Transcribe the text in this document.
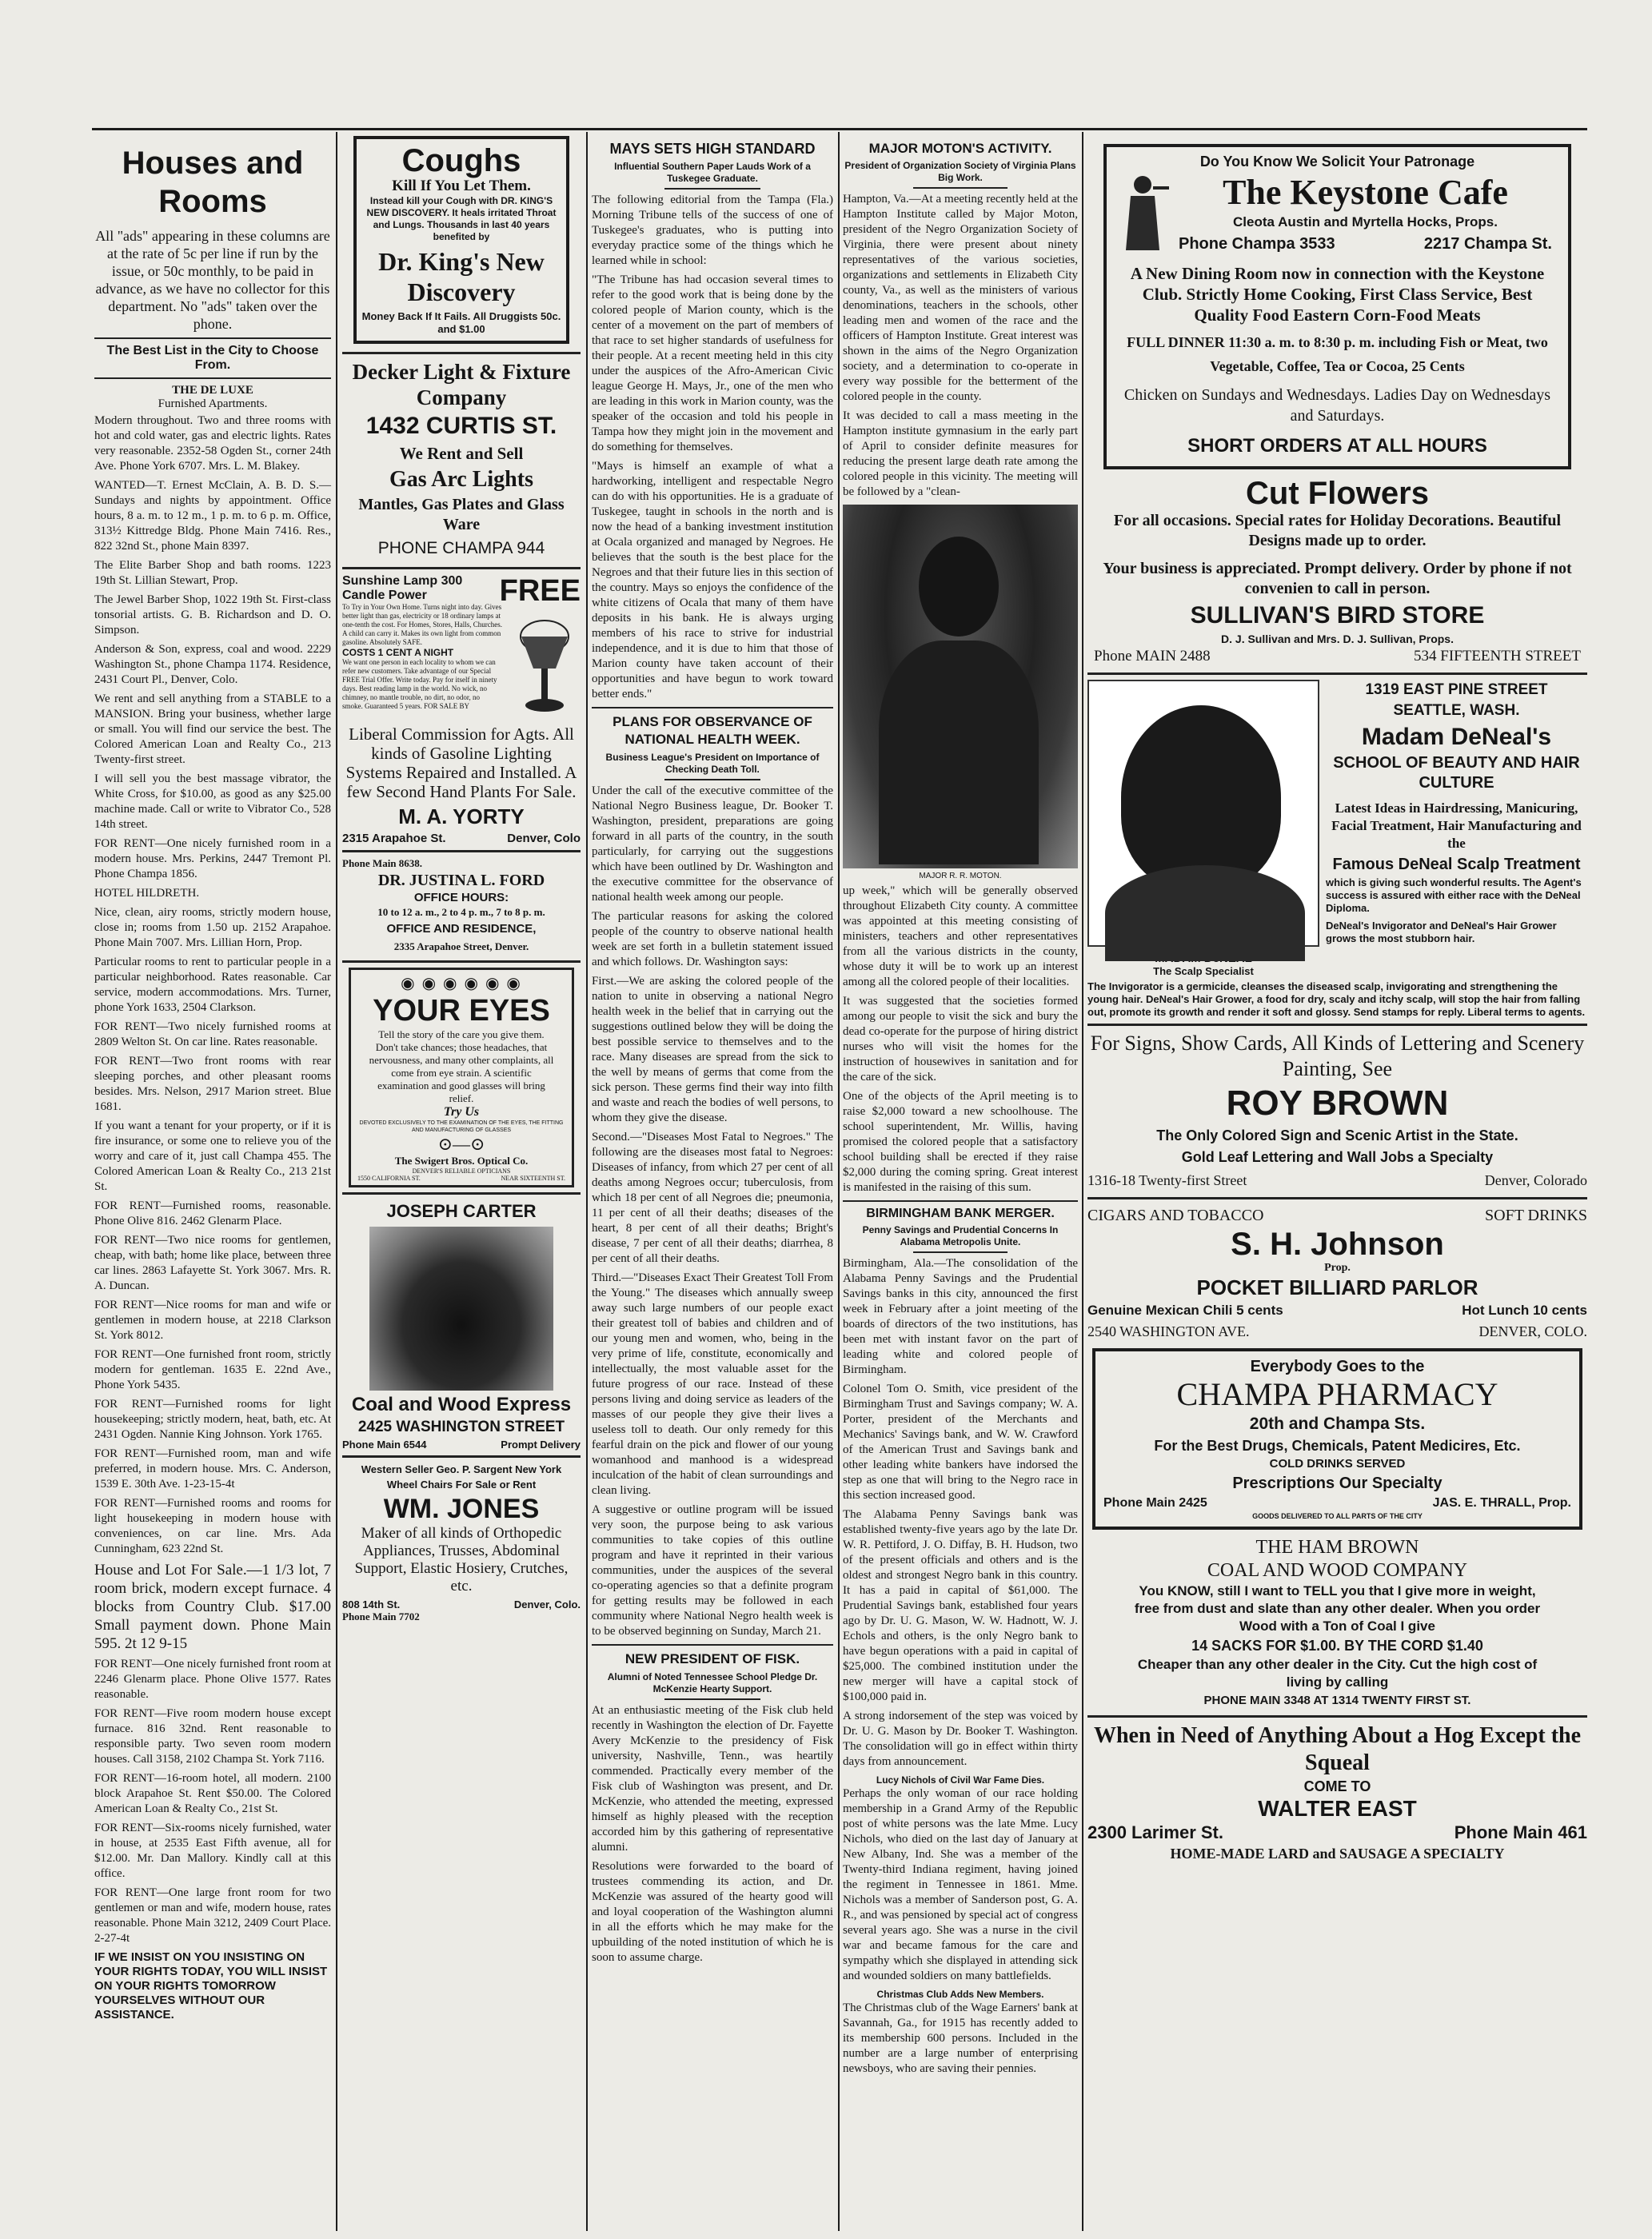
Houses and Rooms

All "ads" appearing in these columns are at the rate of 5c per line if run by the issue, or 50c monthly, to be paid in advance, as we have no collector for this department. No "ads" taken over the phone.

The Best List in the City to Choose From.
THE DE LUXE
Furnished Apartments.

Modern throughout. Two and three rooms with hot and cold water, gas and electric lights. Rates very reasonable. 2352-58 Ogden St., corner 24th Ave. Phone York 6707. Mrs. L. M. Blakey.

WANTED—T. Ernest McClain, A. B. D. S.—Sundays and nights by appointment. Office hours, 8 a. m. to 12 m., 1 p. m. to 6 p. m. Office, 313½ Kittredge Bldg. Phone Main 7416. Res., 822 32nd St., phone Main 8397.

The Elite Barber Shop and bath rooms. 1223 19th St. Lillian Stewart, Prop.

The Jewel Barber Shop, 1022 19th St. First-class tonsorial artists. G. B. Richardson and D. O. Simpson.

Anderson & Son, express, coal and wood. 2229 Washington St., phone Champa 1174. Residence, 2431 Court Pl., Denver, Colo.

We rent and sell anything from a STABLE to a MANSION. Bring your business, whether large or small. You will find our service the best. The Colored American Loan and Realty Co., 213 Twenty-first street.

I will sell you the best massage vibrator, the White Cross, for $10.00, as good as any $25.00 machine made. Call or write to Vibrator Co., 528 14th street.

FOR RENT—One nicely furnished room in a modern house. Mrs. Perkins, 2447 Tremont Pl. Phone Champa 1856.

HOTEL HILDRETH.

Nice, clean, airy rooms, strictly modern house, close in; rooms from 1.50 up. 2152 Arapahoe. Phone Main 7007. Mrs. Lillian Horn, Prop.

Particular rooms to rent to particular people in a particular neighborhood. Rates reasonable. Car service, modern accommodations. Mrs. Turner, phone York 1633, 2504 Clarkson.

FOR RENT—Two nicely furnished rooms at 2809 Welton St. On car line. Rates reasonable.

FOR RENT—Two front rooms with rear sleeping porches, and other pleasant rooms besides. Mrs. Nelson, 2917 Marion street. Blue 1681.

If you want a tenant for your property, or if it is fire insurance, or some one to relieve you of the worry and care of it, just call Champa 455. The Colored American Loan & Realty Co., 213 21st St.

FOR RENT—Furnished rooms, reasonable. Phone Olive 816. 2462 Glenarm Place.

FOR RENT—Two nice rooms for gentlemen, cheap, with bath; home like place, between three car lines. 2863 Lafayette St. York 3067. Mrs. R. A. Duncan.

FOR RENT—Nice rooms for man and wife or gentlemen in modern house, at 2218 Clarkson St. York 8012.

FOR RENT—One furnished front room, strictly modern for gentleman. 1635 E. 22nd Ave., Phone York 5435.

FOR RENT—Furnished rooms for light housekeeping; strictly modern, heat, bath, etc. At 2431 Ogden. Nannie King Johnson. York 1765.

FOR RENT—Furnished room, man and wife preferred, in modern house. Mrs. C. Anderson, 1539 E. 30th Ave. 1-23-15-4t

FOR RENT—Furnished rooms and rooms for light housekeeping in modern house with conveniences, on car line. Mrs. Ada Cunningham, 623 22nd St.

House and Lot For Sale.—1 1/3 lot, 7 room brick, modern except furnace. 4 blocks from Country Club. $17.00 Small payment down. Phone Main 595. 2t 12 9-15

FOR RENT—One nicely furnished front room at 2246 Glenarm place. Phone Olive 1577. Rates reasonable.

FOR RENT—Five room modern house except furnace. 816 32nd. Rent reasonable to responsible party. Two seven room modern houses. Call 3158, 2102 Champa St. York 7116.

FOR RENT—16-room hotel, all modern. 2100 block Arapahoe St. Rent $50.00. The Colored American Loan & Realty Co., 21st St.

FOR RENT—Six-rooms nicely furnished, water in house, at 2535 East Fifth avenue, all for $12.00. Mr. Dan Mallory. Kindly call at this office.

FOR RENT—One large front room for two gentlemen or man and wife, modern house, rates reasonable. Phone Main 3212, 2409 Court Place. 2-27-4t

IF WE INSIST ON YOU INSISTING ON YOUR RIGHTS TODAY, YOU WILL INSIST ON YOUR RIGHTS TOMORROW YOURSELVES WITHOUT OUR ASSISTANCE.
Coughs
Kill If You Let Them.
Instead kill your Cough with DR. KING'S NEW DISCOVERY. It heals irritated Throat and Lungs. Thousands in last 40 years benefited by
Dr. King's New Discovery
Money Back If It Fails. All Druggists 50c. and $1.00
Decker Light & Fixture Company
1432 CURTIS ST.
We Rent and Sell
Gas Arc Lights
Mantles, Gas Plates and Glass Ware
PHONE CHAMPA 944
Sunshine Lamp 300 Candle Power	FREE
To Try in Your Own Home. Turns night into day. Gives better light than gas, electricity or 18 ordinary lamps at one-tenth the cost. For Homes, Stores, Halls, Churches. A child can carry it. Makes its own light from common gasoline. Absolutely SAFE.
COSTS 1 CENT A NIGHT
We want one person in each locality to whom we can refer new customers. Take advantage of our Special FREE Trial Offer. Write today. Pay for itself in ninety days. Best reading lamp in the world. No wick, no chimney, no mantle trouble, no dirt, no odor, no smoke. Guaranteed 5 years. FOR SALE BY
Liberal Commission for Agts. All kinds of Gasoline Lighting Systems Repaired and Installed. A few Second Hand Plants For Sale.
M. A. YORTY
2315 Arapahoe St.	Denver, Colo
Phone Main 8638.
DR. JUSTINA L. FORD
OFFICE HOURS:
10 to 12 a. m., 2 to 4 p. m., 7 to 8 p. m.
OFFICE AND RESIDENCE,
2335 Arapahoe Street, Denver.
◉ ◉ ◉ ◉ ◉ ◉
YOUR EYES
Tell the story of the care you give them. Don't take chances; those headaches, that nervousness, and many other complaints, all come from eye strain. A scientific examination and good glasses will bring relief.
Try Us
DEVOTED EXCLUSIVELY TO THE EXAMINATION OF THE EYES, THE FITTING AND MANUFACTURING OF GLASSES
⊙—⊙
The Swigert Bros. Optical Co.
DENVER'S RELIABLE OPTICIANS
1550 CALIFORNIA ST.	NEAR SIXTEENTH ST.
JOSEPH CARTER
Coal and Wood Express
2425 WASHINGTON STREET
Phone Main 6544	Prompt Delivery
Western Seller Geo. P. Sargent New York
Wheel Chairs For Sale or Rent
WM. JONES
Maker of all kinds of Orthopedic Appliances, Trusses, Abdominal Support, Elastic Hosiery, Crutches, etc.
808 14th St.	Denver, Colo.
Phone Main 7702
MAYS SETS HIGH STANDARD
Influential Southern Paper Lauds Work of a Tuskegee Graduate.

The following editorial from the Tampa (Fla.) Morning Tribune tells of the success of one of Tuskegee's graduates, who is putting into everyday practice some of the things which he learned while in school:

"The Tribune has had occasion several times to refer to the good work that is being done by the colored people of Marion county, which is the center of a movement on the part of members of that race to set higher standards of usefulness for their people. At a recent meeting held in this city under the auspices of the Afro-American Civic league George H. Mays, Jr., one of the men who are leading in this work in Marion county, was the speaker of the occasion and told his people in Tampa how they might join in the movement and do something for themselves.

"Mays is himself an example of what a hardworking, intelligent and respectable Negro can do with his opportunities. He is a graduate of Tuskegee, taught in schools in the north and is now the head of a banking investment institution at Ocala organized and managed by Negroes. He believes that the south is the best place for the Negroes and that their future lies in this section of the country. Mays so enjoys the confidence of the white citizens of Ocala that many of them have deposits in his bank. He is always urging members of his race to strive for industrial independence, and it is due to him that those of Marion county have taken account of their opportunities and have begun to work toward better ends."

PLANS FOR OBSERVANCE OF NATIONAL HEALTH WEEK.
Business League's President on Importance of Checking Death Toll.

Under the call of the executive committee of the National Negro Business league, Dr. Booker T. Washington, president, preparations are going forward in all parts of the country, in the south particularly, for carrying out the suggestions which have been outlined by Dr. Washington and the executive committee for the observance of national health week among our people.

The particular reasons for asking the colored people of the country to observe national health week are set forth in a bulletin statement issued and which follows. Dr. Washington says:

First.—We are asking the colored people of the nation to unite in observing a national Negro health week in the belief that in carrying out the suggestions outlined below they will be doing the best possible service to themselves and to the race. Many diseases are spread from the sick to the well by means of germs that come from the sick person. These germs find their way into filth and waste and reach the bodies of well persons, to whom they give the disease.

Second.—"Diseases Most Fatal to Negroes." The following are the diseases most fatal to Negroes: Diseases of infancy, from which 27 per cent of all deaths among Negroes occur; tuberculosis, from which 18 per cent of all Negroes die; pneumonia, 11 per cent of all their deaths; diseases of the heart, 8 per cent of all their deaths; Bright's disease, 7 per cent of all their deaths; diarrhea, 8 per cent of all their deaths.

Third.—"Diseases Exact Their Greatest Toll From the Young." The diseases which annually sweep away such large numbers of our people exact their greatest toll of babies and children and of our young men and women, who, being in the very prime of life, constitute, economically and intellectually, the most valuable asset for the future progress of our race. Instead of these persons living and doing service as leaders of the masses of our people they give their lives a useless toll to death. Our only remedy for this fearful drain on the pick and flower of our young womanhood and manhood is a widespread inculcation of the habit of clean surroundings and clean living.

A suggestive or outline program will be issued very soon, the purpose being to ask various communities to take copies of this outline program and have it reprinted in their various communities, under the auspices of the several co-operating agencies so that a definite program for getting results may be followed in each community where National Negro health week is to be observed beginning on Sunday, March 21.

NEW PRESIDENT OF FISK.
Alumni of Noted Tennessee School Pledge Dr. McKenzie Hearty Support.

At an enthusiastic meeting of the Fisk club held recently in Washington the election of Dr. Fayette Avery McKenzie to the presidency of Fisk university, Nashville, Tenn., was heartily commended. Practically every member of the Fisk club of Washington was present, and Dr. McKenzie, who attended the meeting, expressed himself as highly pleased with the reception accorded him by this gathering of representative alumni.

Resolutions were forwarded to the board of trustees commending its action, and Dr. McKenzie was assured of the hearty good will and loyal cooperation of the Washington alumni in all the efforts which he may make for the upbuilding of the noted institution of which he is soon to assume charge.

MAJOR MOTON'S ACTIVITY.
President of Organization Society of Virginia Plans Big Work.

Hampton, Va.—At a meeting recently held at the Hampton Institute called by Major Moton, president of the Negro Organization Society of Virginia, there were present about ninety representatives of the various societies, organizations and settlements in Elizabeth City county, Va., as well as the ministers of various denominations, teachers in the schools, other leading men and women of the race and the officers of Hampton Institute. Great interest was shown in the aims of the Negro Organization society, and a determination to co-operate in every way possible for the betterment of the colored people in the county.

It was decided to call a mass meeting in the Hampton institute gymnasium in the early part of April to consider definite measures for reducing the present large death rate among the colored people in this vicinity. The meeting will be followed by a "clean-

MAJOR R. R. MOTON.

up week," which will be generally observed throughout Elizabeth City county. A committee was appointed at this meeting consisting of ministers, teachers and other representatives from all the various districts in the county, whose duty it will be to work up an interest among all the colored people of their localities.

It was suggested that the societies formed among our people to visit the sick and bury the dead co-operate for the purpose of hiring district nurses who will visit the homes for the instruction of housewives in sanitation and for the care of the sick.

One of the objects of the April meeting is to raise $2,000 toward a new schoolhouse. The school superintendent, Mr. Willis, having promised the colored people that a satisfactory school building shall be erected if they raise $2,000 during the coming spring. Great interest is manifested in the raising of this sum.

BIRMINGHAM BANK MERGER.
Penny Savings and Prudential Concerns In Alabama Metropolis Unite.

Birmingham, Ala.—The consolidation of the Alabama Penny Savings and the Prudential Savings banks in this city, announced the first week in February after a joint meeting of the boards of directors of the two institutions, has been met with instant favor on the part of leading white and colored people of Birmingham.

Colonel Tom O. Smith, vice president of the Birmingham Trust and Savings company; W. A. Porter, president of the Merchants and Mechanics' Savings bank, and W. W. Crawford of the American Trust and Savings bank and other leading white bankers have indorsed the step as one that will bring to the Negro race in this section increased good.

The Alabama Penny Savings bank was established twenty-five years ago by the late Dr. W. R. Pettiford, J. O. Diffay, B. H. Hudson, two of the present officials and others and is the oldest and strongest Negro bank in this country. It has a paid in capital of $61,000. The Prudential Savings bank, established four years ago by Dr. U. G. Mason, W. W. Hadnott, W. J. Echols and others, is the only Negro bank to have begun operations with a paid in capital of $25,000. The combined institution under the new merger will have a capital stock of $100,000 paid in.

A strong indorsement of the step was voiced by Dr. U. G. Mason by Dr. Booker T. Washington. The consolidation will go in effect within thirty days from announcement.

Lucy Nichols of Civil War Fame Dies.

Perhaps the only woman of our race holding membership in a Grand Army of the Republic post of white persons was the late Mme. Lucy Nichols, who died on the last day of January at New Albany, Ind. She was a member of the Twenty-third Indiana regiment, having joined the regiment in Tennessee in 1861. Mme. Nichols was a member of Sanderson post, G. A. R., and was pensioned by special act of congress several years ago. She was a nurse in the civil war and became famous for the care and sympathy which she displayed in attending sick and wounded soldiers on many battlefields.

Christmas Club Adds New Members.

The Christmas club of the Wage Earners' bank at Savannah, Ga., for 1915 has recently added to its membership 600 persons. Included in the number are a large number of enterprising newsboys, who are saving their pennies.

Do You Know We Solicit Your Patronage
The Keystone Cafe
Cleota Austin and Myrtella Hocks, Props.
Phone Champa 3533	2217 Champa St.
A New Dining Room now in connection with the Keystone Club. Strictly Home Cooking, First Class Service, Best Quality Food Eastern Corn-Food Meats
FULL DINNER 11:30 a. m. to 8:30 p. m. including Fish or Meat, two Vegetable, Coffee, Tea or Cocoa, 25 Cents
Chicken on Sundays and Wednesdays. Ladies Day on Wednesdays and Saturdays.
SHORT ORDERS AT ALL HOURS
Cut Flowers
For all occasions. Special rates for Holiday Decorations. Beautiful Designs made up to order.
Your business is appreciated. Prompt delivery. Order by phone if not convenien to call in person.
SULLIVAN'S BIRD STORE
D. J. Sullivan and Mrs. D. J. Sullivan, Props.
Phone MAIN 2488	534 FIFTEENTH STREET
The Scalp Specialist
1319 EAST PINE STREET
SEATTLE, WASH.
Madam DeNeal's
SCHOOL OF BEAUTY AND HAIR CULTURE
Latest Ideas in Hairdressing, Manicuring, Facial Treatment, Hair Manufacturing and the
Famous DeNeal Scalp Treatment
which is giving such wonderful results. The Agent's success is assured with either race with the DeNeal Diploma.
DeNeal's Invigorator and DeNeal's Hair Grower grows the most stubborn hair.
The Invigorator is a germicide, cleanses the diseased scalp, invigorating and strengthening the young hair. DeNeal's Hair Grower, a food for dry, scaly and itchy scalp, will stop the hair from falling out, promote its growth and render it soft and glossy. Send stamps for reply. Liberal terms to agents.
For Signs, Show Cards, All Kinds of Lettering and Scenery Painting, See
ROY BROWN
The Only Colored Sign and Scenic Artist in the State.
Gold Leaf Lettering and Wall Jobs a Specialty
1316-18 Twenty-first Street	Denver, Colorado
CIGARS AND TOBACCO	SOFT DRINKS
S. H. Johnson
Prop.
POCKET BILLIARD PARLOR
Genuine Mexican Chili 5 cents	Hot Lunch 10 cents
2540 WASHINGTON AVE.	DENVER, COLO.
Everybody Goes to the
CHAMPA PHARMACY
20th and Champa Sts.
For the Best Drugs, Chemicals, Patent Medicires, Etc.
COLD DRINKS SERVED
Prescriptions Our Specialty
Phone Main 2425	JAS. E. THRALL, Prop.
GOODS DELIVERED TO ALL PARTS OF THE CITY
THE HAM BROWN
COAL AND WOOD COMPANY
You KNOW, still I want to TELL you that I give more in weight, free from dust and slate than any other dealer. When you order Wood with a Ton of Coal I give
14 SACKS FOR $1.00. BY THE CORD $1.40
Cheaper than any other dealer in the City. Cut the high cost of living by calling
PHONE MAIN 3348 AT 1314 TWENTY FIRST ST.
When in Need of Anything About a Hog Except the Squeal
COME TO
WALTER EAST
2300 Larimer St.	Phone Main 461
HOME-MADE LARD and SAUSAGE A SPECIALTY
